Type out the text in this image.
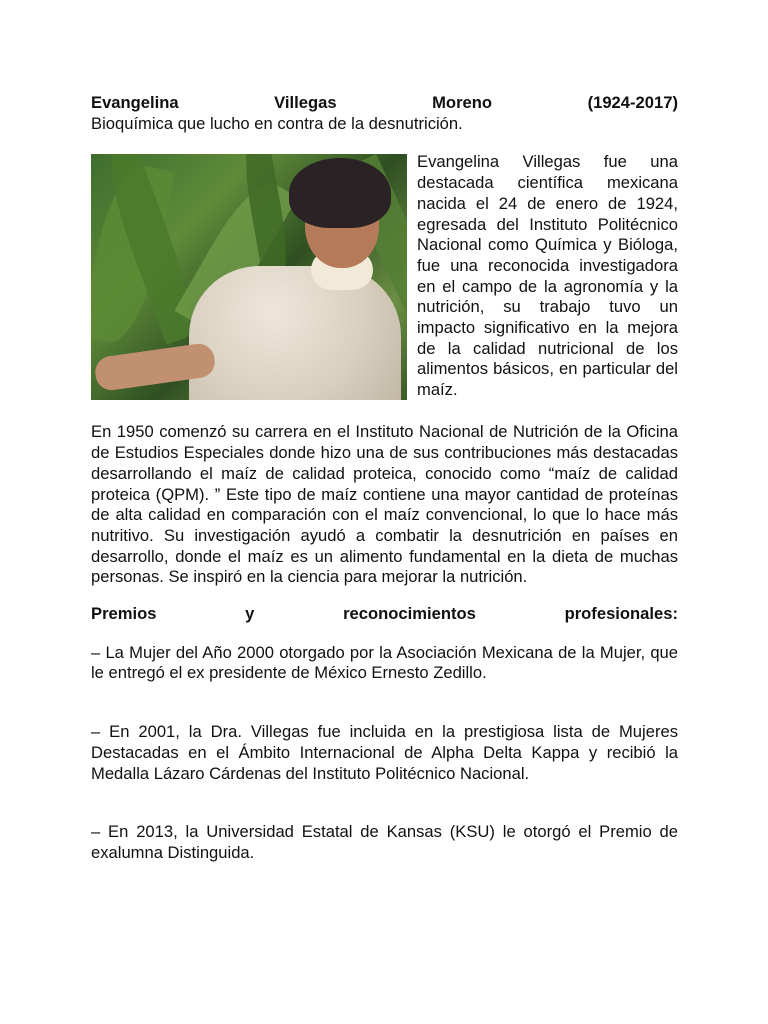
Evangelina	Villegas	Moreno	(1924-2017)

Bioquímica que lucho en contra de la desnutrición.

Evangelina Villegas fue una destacada científica mexicana nacida el 24 de enero de 1924, egresada del Instituto Politécnico Nacional como Química y Bióloga, fue una reconocida investigadora en el campo de la agronomía y la nutrición, su trabajo tuvo un impacto significativo en la mejora de la calidad nutricional de los alimentos básicos, en particular del maíz.

En 1950 comenzó su carrera en el Instituto Nacional de Nutrición de la Oficina de Estudios Especiales donde hizo una de sus contribuciones más destacadas desarrollando el maíz de calidad proteica, conocido como “maíz de calidad proteica (QPM). ” Este tipo de maíz contiene una mayor cantidad de proteínas de alta calidad en comparación con el maíz convencional, lo que lo hace más nutritivo. Su investigación ayudó a combatir la desnutrición en países en desarrollo, donde el maíz es un alimento fundamental en la dieta de muchas personas. Se inspiró en la ciencia para mejorar la nutrición.

Premios	y	reconocimientos	profesionales:

– La Mujer del Año 2000 otorgado por la Asociación Mexicana de la Mujer, que le entregó el ex presidente de México Ernesto Zedillo.

– En 2001, la Dra. Villegas fue incluida en la prestigiosa lista de Mujeres Destacadas en el Ámbito Internacional de Alpha Delta Kappa y recibió la Medalla Lázaro Cárdenas del Instituto Politécnico Nacional.

– En 2013, la Universidad Estatal de Kansas (KSU) le otorgó el Premio de exalumna Distinguida.
